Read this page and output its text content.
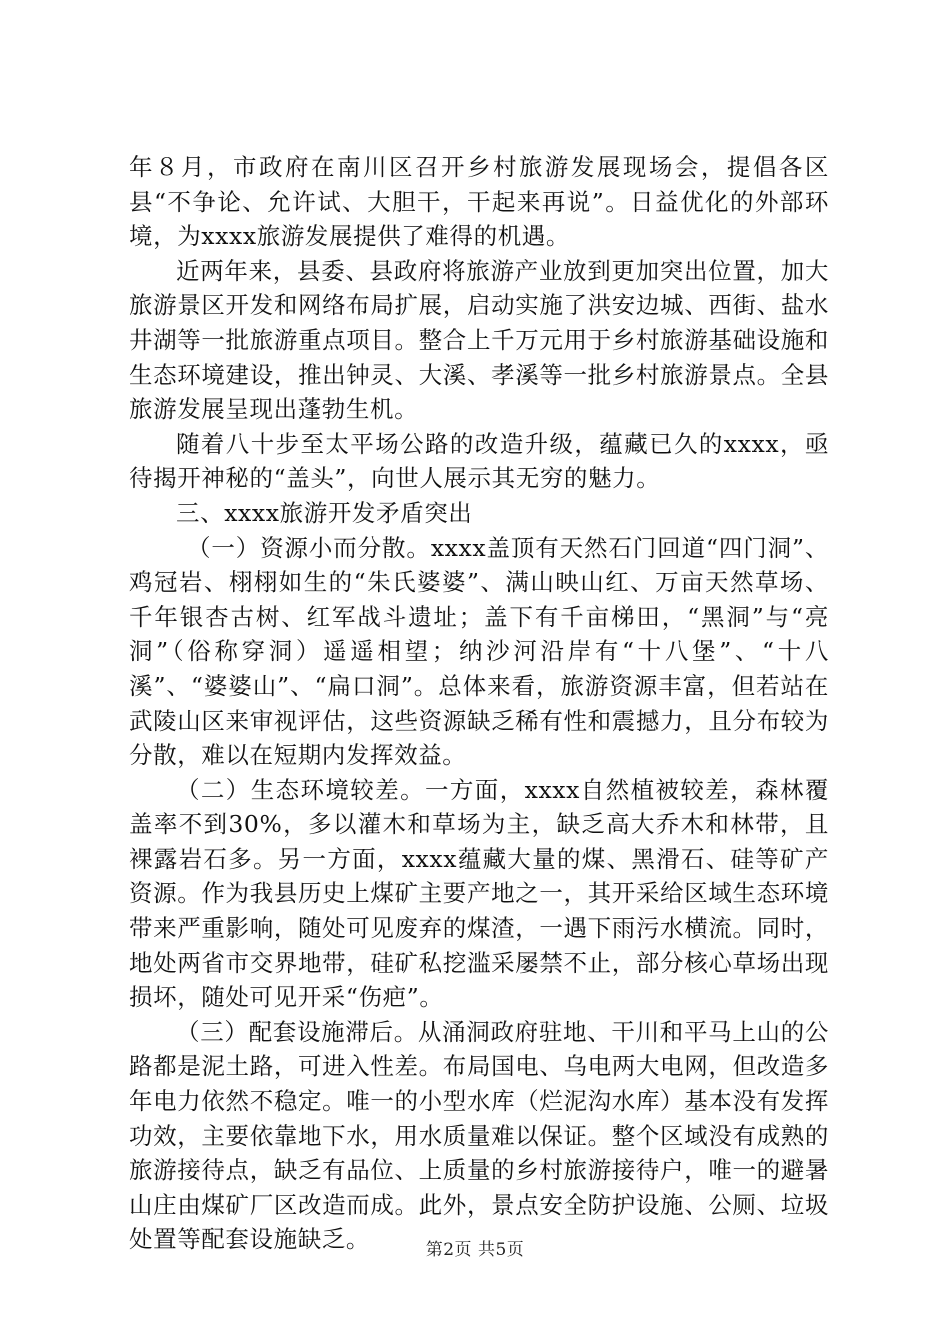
年８月，市政府在南川区召开乡村旅游发展现场会，提倡各区县“不争论、允许试、大胆干，干起来再说”。日益优化的外部环境，为xxxx旅游发展提供了难得的机遇。

近两年来，县委、县政府将旅游产业放到更加突出位置，加大旅游景区开发和网络布局扩展，启动实施了洪安边城、西街、盐水井湖等一批旅游重点项目。整合上千万元用于乡村旅游基础设施和生态环境建设，推出钟灵、大溪、孝溪等一批乡村旅游景点。全县旅游发展呈现出蓬勃生机。

随着八十步至太平场公路的改造升级，蕴藏已久的xxxx，亟待揭开神秘的“盖头”，向世人展示其无穷的魅力。

三、xxxx旅游开发矛盾突出

（一）资源小而分散。xxxx盖顶有天然石门回道“四门洞”、鸡冠岩、栩栩如生的“朱氏婆婆”、满山映山红、万亩天然草场、千年银杏古树、红军战斗遗址；盖下有千亩梯田，“黑洞”与“亮洞”（俗称穿洞）遥遥相望；纳沙河沿岸有“十八堡”、“十八溪”、“婆婆山”、“扁口洞”。总体来看，旅游资源丰富，但若站在武陵山区来审视评估，这些资源缺乏稀有性和震撼力，且分布较为分散，难以在短期内发挥效益。

（二）生态环境较差。一方面，xxxx自然植被较差，森林覆盖率不到30%，多以灌木和草场为主，缺乏高大乔木和林带，且裸露岩石多。另一方面，xxxx蕴藏大量的煤、黑滑石、硅等矿产资源。作为我县历史上煤矿主要产地之一，其开采给区域生态环境带来严重影响，随处可见废弃的煤渣，一遇下雨污水横流。同时，地处两省市交界地带，硅矿私挖滥采屡禁不止，部分核心草场出现损坏，随处可见开采“伤疤”。

（三）配套设施滞后。从涌洞政府驻地、干川和平马上山的公路都是泥土路，可进入性差。布局国电、乌电两大电网，但改造多年电力依然不稳定。唯一的小型水库（烂泥沟水库）基本没有发挥功效，主要依靠地下水，用水质量难以保证。整个区域没有成熟的旅游接待点，缺乏有品位、上质量的乡村旅游接待户，唯一的避暑山庄由煤矿厂区改造而成。此外，景点安全防护设施、公厕、垃圾处置等配套设施缺乏。	第2页 共5页
